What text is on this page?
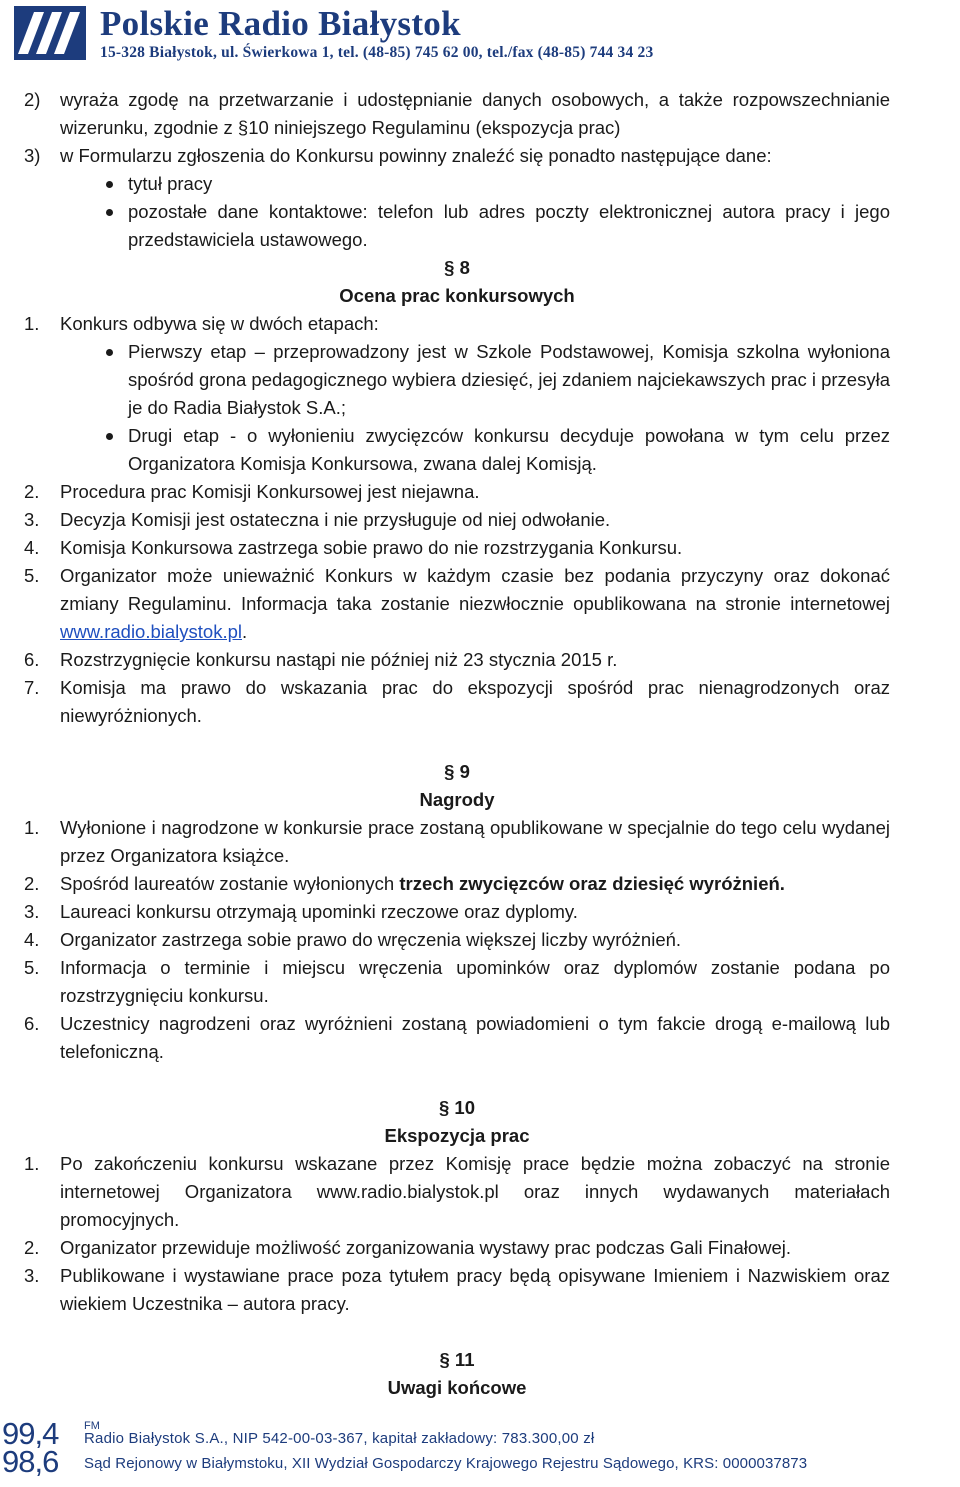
Polskie Radio Białystok
15-328 Białystok, ul. Świerkowa 1, tel. (48-85) 745 62 00, tel./fax (48-85) 744 34 23
2) wyraża zgodę na przetwarzanie i udostępnianie danych osobowych, a także rozpowszechnianie wizerunku, zgodnie z §10 niniejszego Regulaminu (ekspozycja prac)
3) w Formularzu zgłoszenia do Konkursu powinny znaleźć się ponadto następujące dane:
tytuł pracy
pozostałe dane kontaktowe: telefon lub adres poczty elektronicznej autora pracy i jego przedstawiciela ustawowego.
§ 8
Ocena prac konkursowych
1. Konkurs odbywa się w dwóch etapach:
Pierwszy etap – przeprowadzony jest w Szkole Podstawowej, Komisja szkolna wyłoniona spośród grona pedagogicznego wybiera dziesięć, jej zdaniem najciekawszych prac i przesyła je do Radia Białystok S.A.;
Drugi etap - o wyłonieniu zwycięzców konkursu decyduje powołana w tym celu przez Organizatora Komisja Konkursowa, zwana dalej Komisją.
2. Procedura prac Komisji Konkursowej jest niejawna.
3. Decyzja Komisji jest ostateczna i nie przysługuje od niej odwołanie.
4. Komisja Konkursowa zastrzega sobie prawo do nie rozstrzygania Konkursu.
5. Organizator może unieważnić Konkurs w każdym czasie bez podania przyczyny oraz dokonać zmiany Regulaminu. Informacja taka zostanie niezwłocznie opublikowana na stronie internetowej www.radio.bialystok.pl.
6. Rozstrzygnięcie konkursu nastąpi nie później niż 23 stycznia 2015 r.
7. Komisja ma prawo do wskazania prac do ekspozycji spośród prac nienagrodzonych oraz niewyróżnionych.
§ 9
Nagrody
1. Wyłonione i nagrodzone w konkursie prace zostaną opublikowane w specjalnie do tego celu wydanej przez Organizatora książce.
2. Spośród laureatów zostanie wyłonionych trzech zwycięzców oraz dziesięć wyróżnień.
3. Laureaci konkursu otrzymają upominki rzeczowe oraz dyplomy.
4. Organizator zastrzega sobie prawo do wręczenia większej liczby wyróżnień.
5. Informacja o terminie i miejscu wręczenia upominków oraz dyplomów zostanie podana po rozstrzygnięciu konkursu.
6. Uczestnicy nagrodzeni oraz wyróżnieni zostaną powiadomieni o tym fakcie drogą e-mailową lub telefoniczną.
§ 10
Ekspozycja prac
1. Po zakończeniu konkursu wskazane przez Komisję prace będzie można zobaczyć na stronie internetowej Organizatora www.radio.bialystok.pl oraz innych wydawanych materiałach promocyjnych.
2. Organizator przewiduje możliwość zorganizowania wystawy prac podczas Gali Finałowej.
3. Publikowane i wystawiane prace poza tytułem pracy będą opisywane Imieniem i Nazwiskiem oraz wiekiem Uczestnika – autora pracy.
§ 11
Uwagi końcowe
99,4
98,6
FM
Radio Białystok S.A., NIP 542-00-03-367, kapitał zakładowy: 783.300,00 zł
Sąd Rejonowy w Białymstoku, XII Wydział Gospodarczy Krajowego Rejestru Sądowego, KRS: 0000037873
